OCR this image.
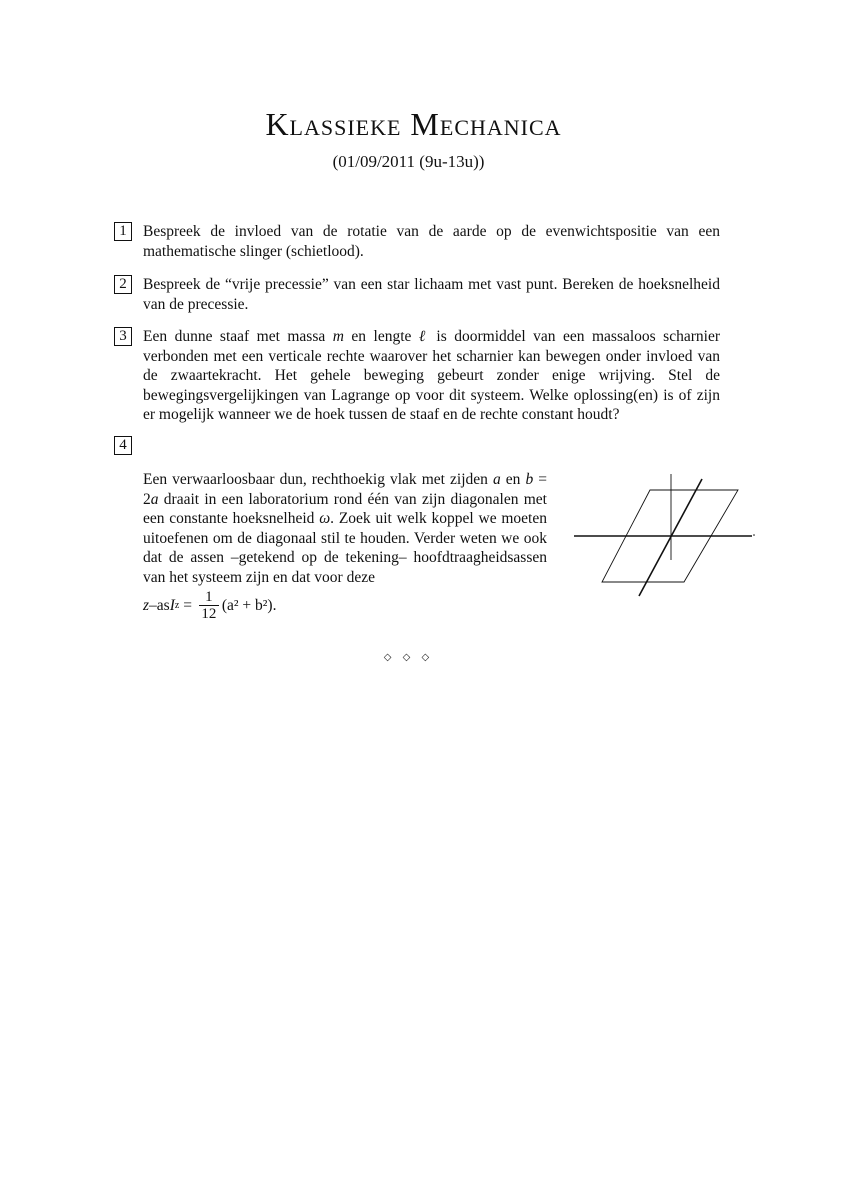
Klassieke Mechanica
(01/09/2011 (9u-13u))
1	Bespreek de invloed van de rotatie van de aarde op de evenwichtspositie van een mathematische slinger (schietlood).
2	Bespreek de “vrije precessie” van een star lichaam met vast punt. Bereken de hoeksnelheid van de precessie.
3	Een dunne staaf met massa m en lengte ℓ is doormiddel van een massaloos scharnier verbonden met een verticale rechte waarover het scharnier kan bewegen onder invloed van de zwaartekracht. Het gehele beweging gebeurt zonder enige wrijving. Stel de bewegingsvergelijkingen van Lagrange op voor dit systeem. Welke oplossing(en) is of zijn er mogelijk wanneer we de hoek tussen de staaf en de rechte constant houdt?
4

Een verwaarloosbaar dun, rechthoekig vlak met zijden a en b = 2a draait in een laboratorium rond één van zijn diagonalen met een constante hoeksnelheid ω. Zoek uit welk koppel we moeten uitoefenen om de diagonaal stil te houden. Verder weten we ook dat de assen –getekend op de tekening– hoofdtraagheidsassen van het systeem zijn en dat voor deze

z –as I $z = \frac{1}{12} (a^2 + b^2)$.
◇ ◇ ◇
